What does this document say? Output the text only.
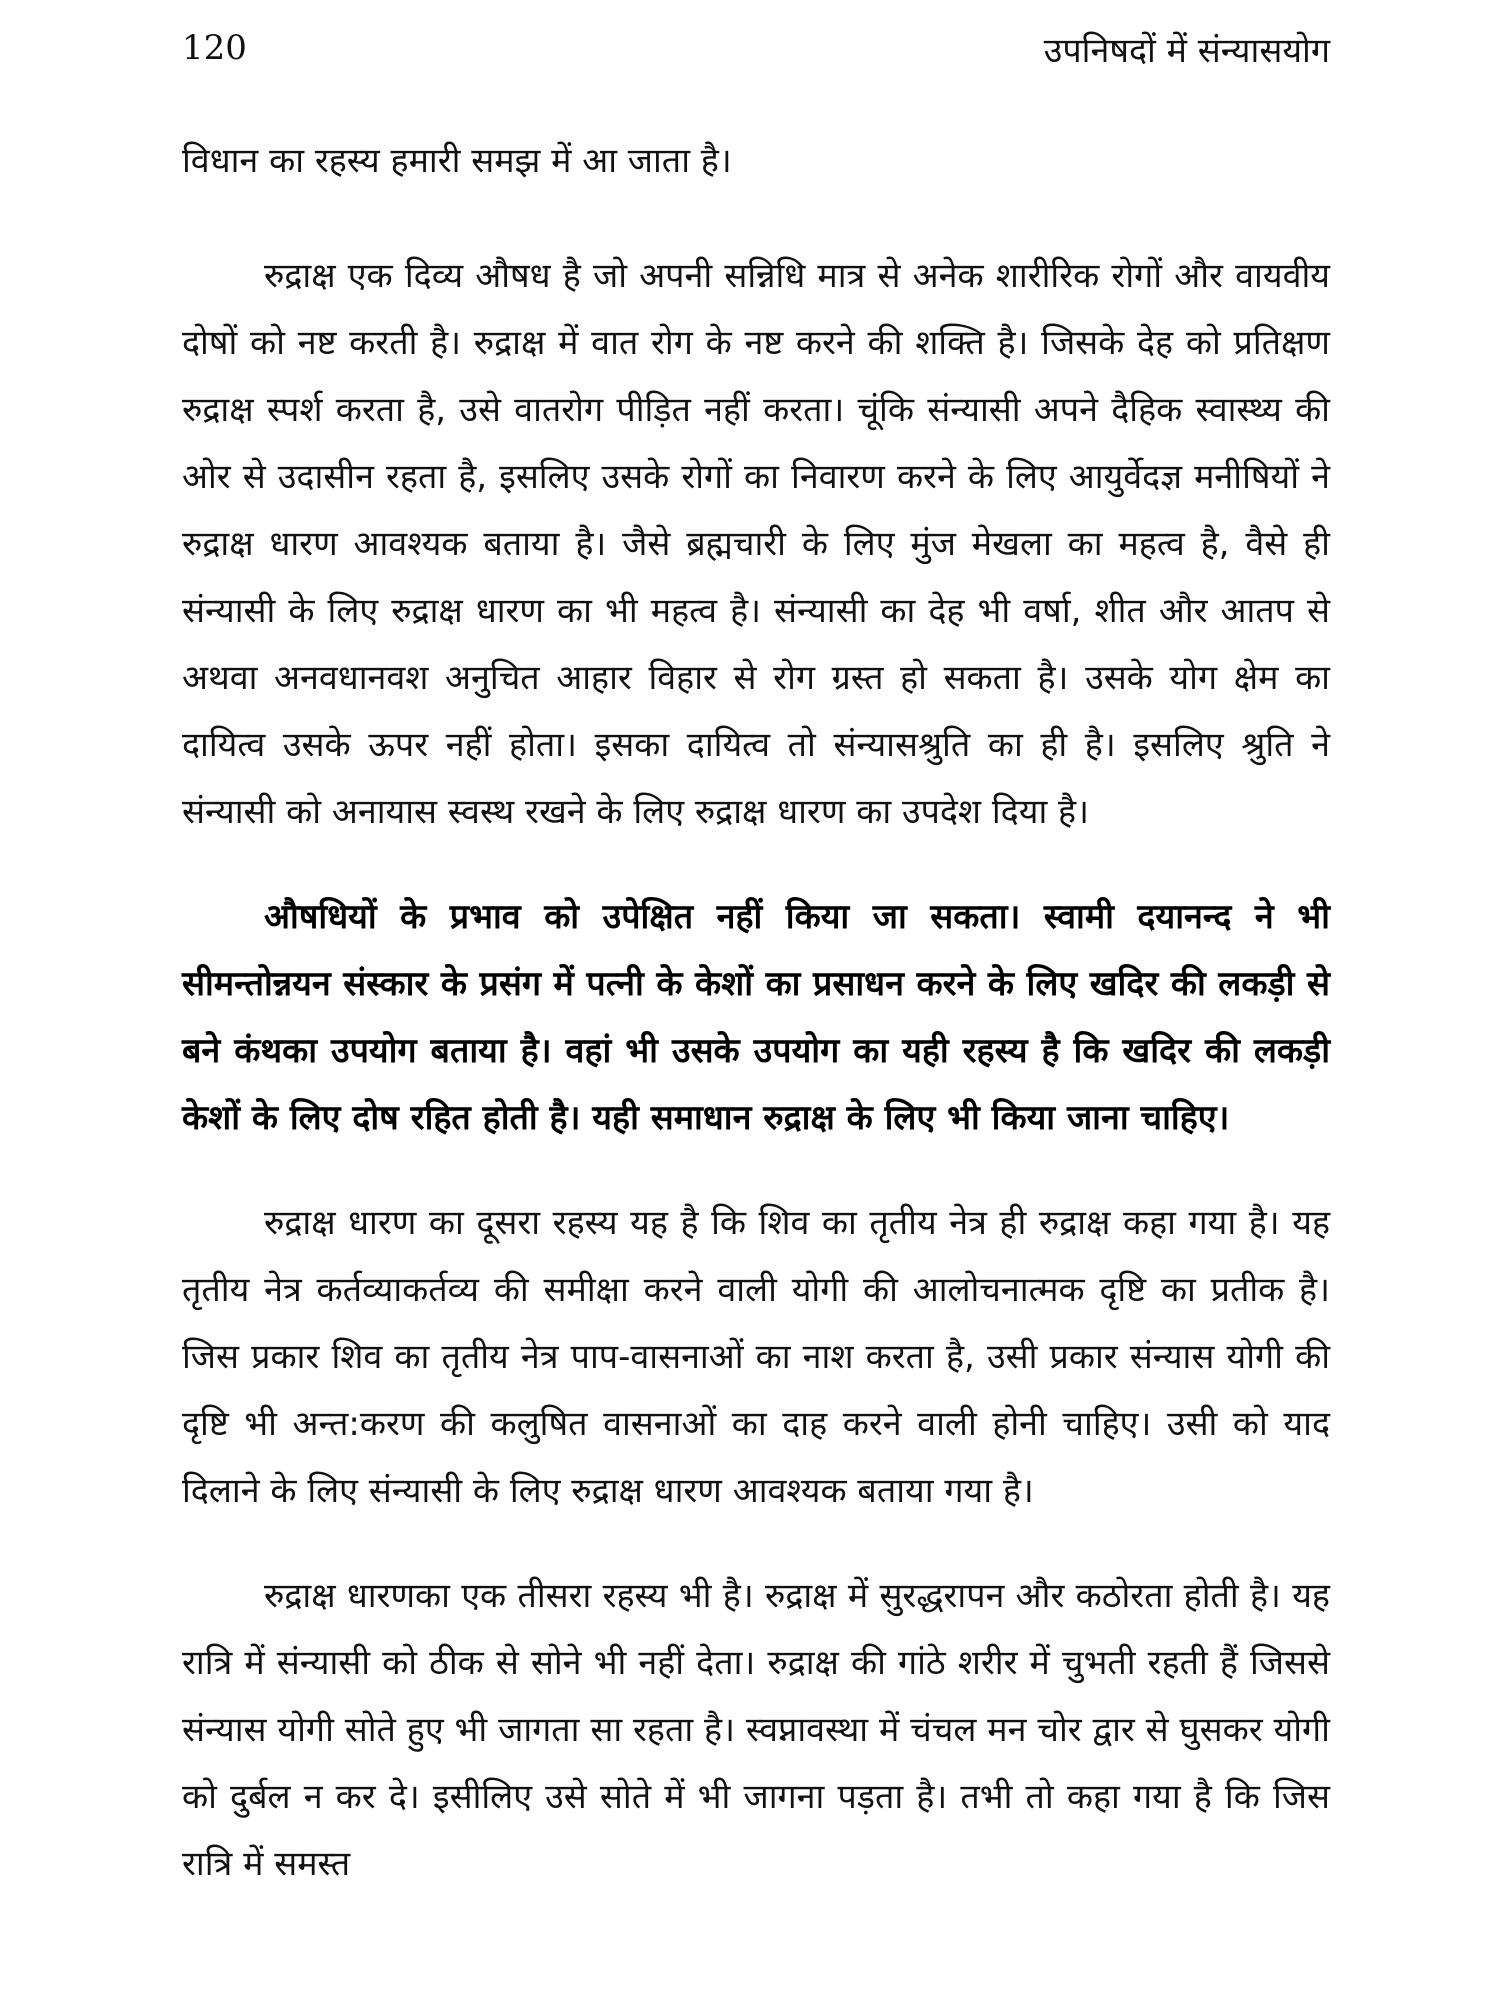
120	उपनिषदों में संन्यासयोग

विधान का रहस्य हमारी समझ में आ जाता है।

रुद्राक्ष एक दिव्य औषध है जो अपनी सन्निधि मात्र से अनेक शारीरिक रोगों और वायवीय दोषों को नष्ट करती है। रुद्राक्ष में वात रोग के नष्ट करने की शक्ति है। जिसके देह को प्रतिक्षण रुद्राक्ष स्पर्श करता है, उसे वातरोग पीड़ित नहीं करता। चूंकि संन्यासी अपने दैहिक स्वास्थ्य की ओर से उदासीन रहता है, इसलिए उसके रोगों का निवारण करने के लिए आयुर्वेदज्ञ मनीषियों ने रुद्राक्ष धारण आवश्यक बताया है। जैसे ब्रह्मचारी के लिए मुंज मेखला का महत्व है, वैसे ही संन्यासी के लिए रुद्राक्ष धारण का भी महत्व है। संन्यासी का देह भी वर्षा, शीत और आतप से अथवा अनवधानवश अनुचित आहार विहार से रोग ग्रस्त हो सकता है। उसके योग क्षेम का दायित्व उसके ऊपर नहीं होता। इसका दायित्व तो संन्यासश्रुति का ही है। इसलिए श्रुति ने संन्यासी को अनायास स्वस्थ रखने के लिए रुद्राक्ष धारण का उपदेश दिया है।

औषधियों के प्रभाव को उपेक्षित नहीं किया जा सकता। स्वामी दयानन्द ने भी सीमन्तोन्नयन संस्कार के प्रसंग में पत्नी के केशों का प्रसाधन करने के लिए खदिर की लकड़ी से बने कंथका उपयोग बताया है। वहां भी उसके उपयोग का यही रहस्य है कि खदिर की लकड़ी केशों के लिए दोष रहित होती है। यही समाधान रुद्राक्ष के लिए भी किया जाना चाहिए।

रुद्राक्ष धारण का दूसरा रहस्य यह है कि शिव का तृतीय नेत्र ही रुद्राक्ष कहा गया है। यह तृतीय नेत्र कर्तव्याकर्तव्य की समीक्षा करने वाली योगी की आलोचनात्मक दृष्टि का प्रतीक है। जिस प्रकार शिव का तृतीय नेत्र पाप-वासनाओं का नाश करता है, उसी प्रकार संन्यास योगी की दृष्टि भी अन्त:करण की कलुषित वासनाओं का दाह करने वाली होनी चाहिए। उसी को याद दिलाने के लिए संन्यासी के लिए रुद्राक्ष धारण आवश्यक बताया गया है।

रुद्राक्ष धारणका एक तीसरा रहस्य भी है। रुद्राक्ष में सुरद्धरापन और कठोरता होती है। यह रात्रि में संन्यासी को ठीक से सोने भी नहीं देता। रुद्राक्ष की गांठे शरीर में चुभती रहती हैं जिससे संन्यास योगी सोते हुए भी जागता सा रहता है। स्वप्नावस्था में चंचल मन चोर द्वार से घुसकर योगी को दुर्बल न कर दे। इसीलिए उसे सोते में भी जागना पड़ता है। तभी तो कहा गया है कि जिस रात्रि में समस्त
